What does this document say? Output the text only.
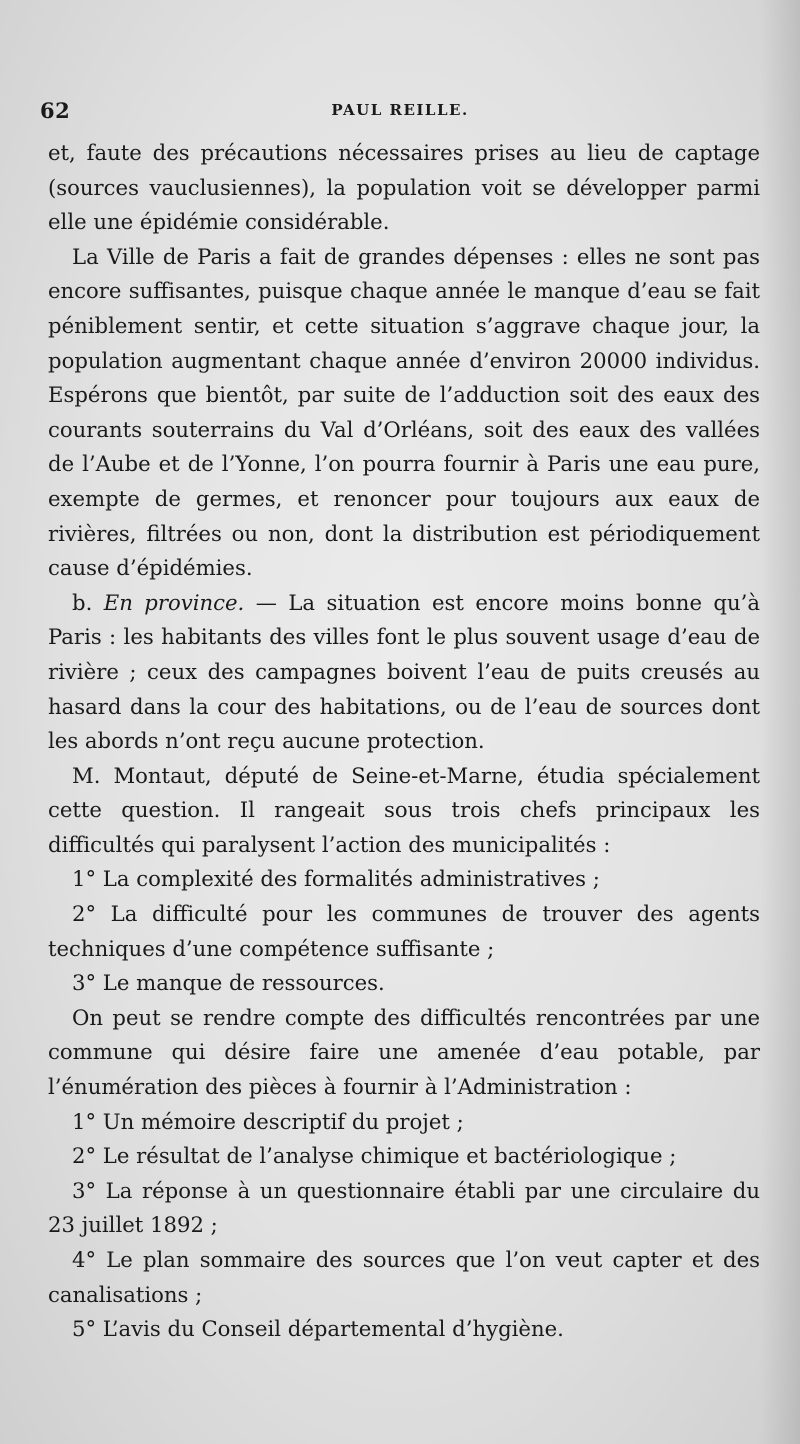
62	PAUL REILLE.

et, faute des précautions nécessaires prises au lieu de captage (sources vauclusiennes), la population voit se développer parmi elle une épidémie considérable.

La Ville de Paris a fait de grandes dépenses : elles ne sont pas encore suffisantes, puisque chaque année le manque d’eau se fait péniblement sentir, et cette situation s’aggrave chaque jour, la population augmentant chaque année d’environ 20000 individus. Espérons que bientôt, par suite de l’adduction soit des eaux des courants souterrains du Val d’Orléans, soit des eaux des vallées de l’Aube et de l’Yonne, l’on pourra fournir à Paris une eau pure, exempte de germes, et renoncer pour toujours aux eaux de rivières, filtrées ou non, dont la distribution est périodiquement cause d’épidémies.

b. En province. — La situation est encore moins bonne qu’à Paris : les habitants des villes font le plus souvent usage d’eau de rivière ; ceux des campagnes boivent l’eau de puits creusés au hasard dans la cour des habitations, ou de l’eau de sources dont les abords n’ont reçu aucune protection.

M. Montaut, député de Seine-et-Marne, étudia spécialement cette question. Il rangeait sous trois chefs principaux les difficultés qui paralysent l’action des municipalités :

1° La complexité des formalités administratives ;

2° La difficulté pour les communes de trouver des agents techniques d’une compétence suffisante ;

3° Le manque de ressources.

On peut se rendre compte des difficultés rencontrées par une commune qui désire faire une amenée d’eau potable, par l’énumération des pièces à fournir à l’Administration :

1° Un mémoire descriptif du projet ;

2° Le résultat de l’analyse chimique et bactériologique ;

3° La réponse à un questionnaire établi par une circulaire du 23 juillet 1892 ;

4° Le plan sommaire des sources que l’on veut capter et des canalisations ;

5° L’avis du Conseil départemental d’hygiène.
